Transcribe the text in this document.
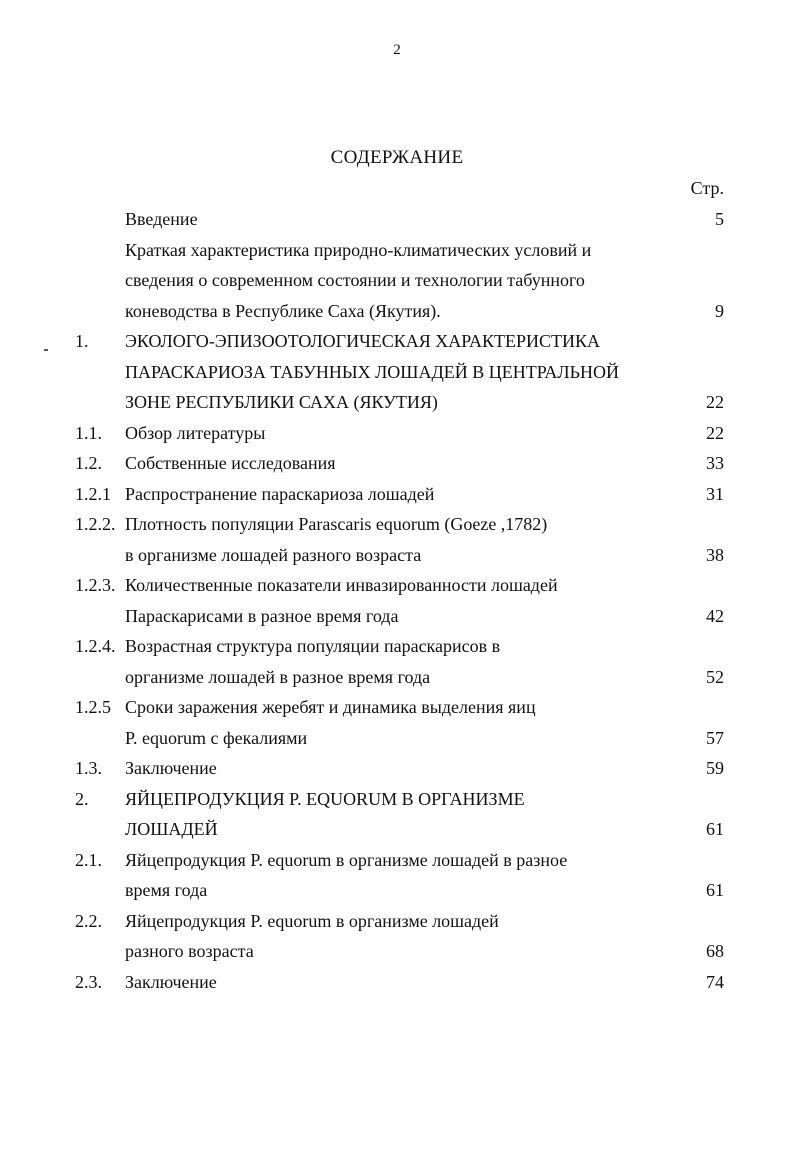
2
СОДЕРЖАНИЕ
Стр.
Введение	5
Краткая характеристика природно-климатических условий и
сведения о современном состоянии и технологии табунного
коневодства в Республике Саха (Якутия).	9
1.	ЭКОЛОГО-ЭПИЗООТОЛОГИЧЕСКАЯ ХАРАКТЕРИСТИКА
ПАРАСКАРИОЗА ТАБУННЫХ ЛОШАДЕЙ В ЦЕНТРАЛЬНОЙ
ЗОНЕ РЕСПУБЛИКИ САХА (ЯКУТИЯ)	22
1.1.	Обзор литературы	22
1.2.	Собственные исследования	33
1.2.1 Распространение параскариоза лошадей	31
1.2.2. Плотность популяции Parascaris equorum (Goeze ,1782)
в организме лошадей разного возраста	38
1.2.3. Количественные показатели инвазированности лошадей
Параскарисами в разное время года	42
1.2.4. Возрастная структура популяции параскарисов в
организме лошадей в разное время года	52
1.2.5 Сроки заражения жеребят и динамика выделения яиц
P. equorum с фекалиями	57
1.3.	Заключение	59
2.	ЯЙЦЕПРОДУКЦИЯ P. EQUORUM В ОРГАНИЗМЕ
ЛОШАДЕЙ	61
2.1.	Яйцепродукция P. equorum в организме лошадей в разное
время года	61
2.2.	Яйцепродукция P. equorum в организме лошадей
разного возраста	68
2.3.	Заключение	74
